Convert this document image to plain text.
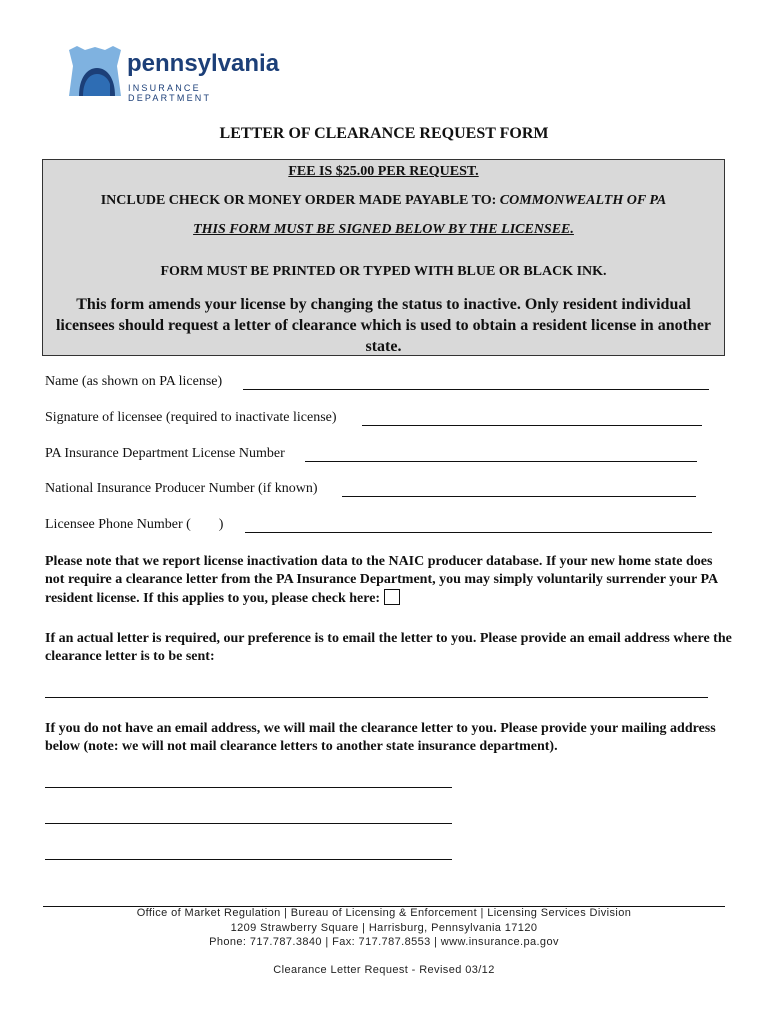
pennsylvania
INSURANCE DEPARTMENT
LETTER OF CLEARANCE REQUEST FORM
FEE IS $25.00 PER REQUEST.
INCLUDE CHECK OR MONEY ORDER MADE PAYABLE TO: COMMONWEALTH OF PA
THIS FORM MUST BE SIGNED BELOW BY THE LICENSEE.
FORM MUST BE PRINTED OR TYPED WITH BLUE OR BLACK INK.
This form amends your license by changing the status to inactive. Only resident individual licensees should request a letter of clearance which is used to obtain a resident license in another state.
Name (as shown on PA license)
Signature of licensee (required to inactivate license)
PA Insurance Department License Number
National Insurance Producer Number (if known)
Licensee Phone Number (        )
Please note that we report license inactivation data to the NAIC producer database. If your new home state does not require a clearance letter from the PA Insurance Department, you may simply voluntarily surrender your PA resident license. If this applies to you, please check here:
If an actual letter is required, our preference is to email the letter to you. Please provide an email address where the clearance letter is to be sent:
If you do not have an email address, we will mail the clearance letter to you. Please provide your mailing address below (note: we will not mail clearance letters to another state insurance department).
Office of Market Regulation | Bureau of Licensing & Enforcement | Licensing Services Division
1209 Strawberry Square | Harrisburg, Pennsylvania 17120
Phone: 717.787.3840 | Fax: 717.787.8553 | www.insurance.pa.gov
Clearance Letter Request - Revised 03/12
